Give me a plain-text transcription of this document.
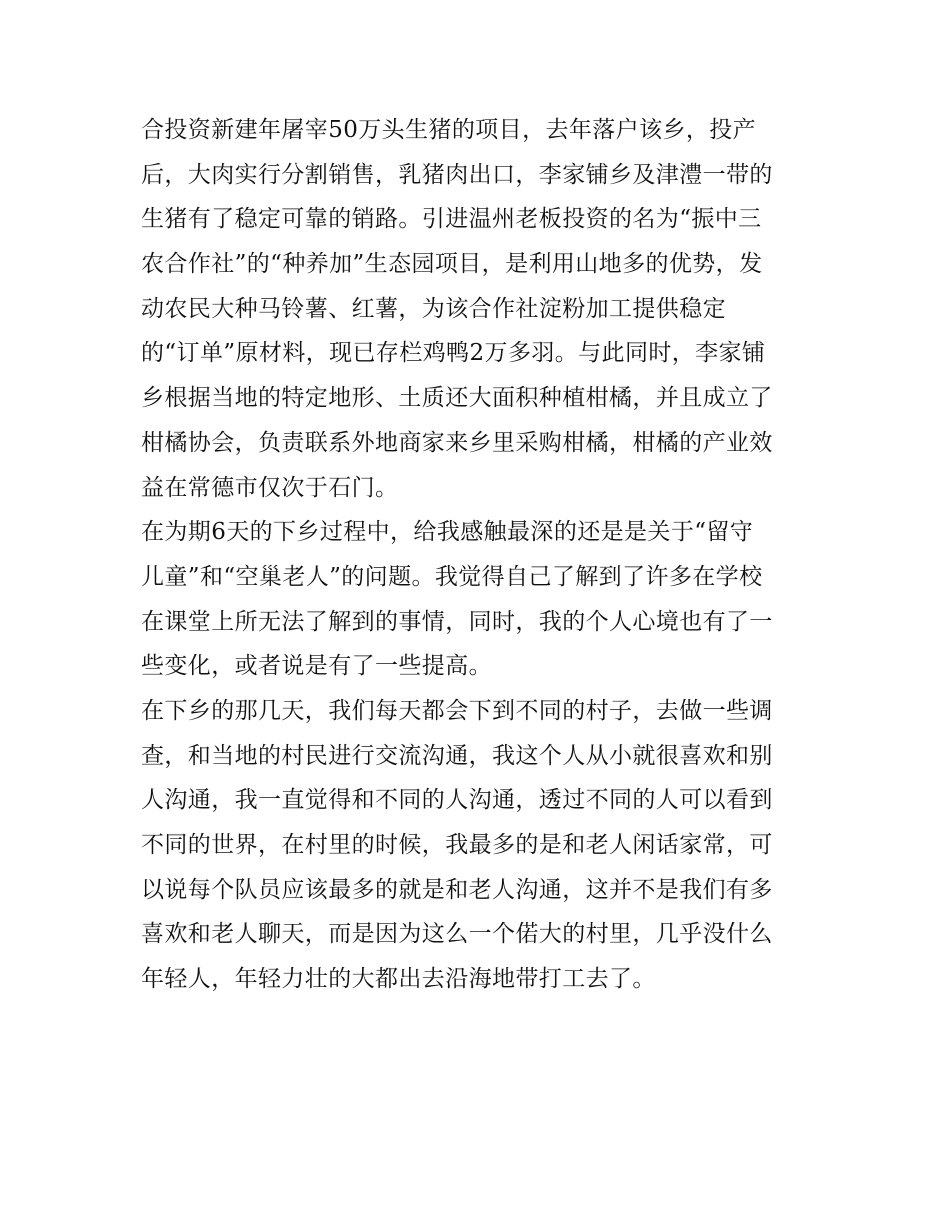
合投资新建年屠宰50万头生猪的项目，去年落户该乡，投产
后，大肉实行分割销售，乳猪肉出口，李家铺乡及津澧一带的
生猪有了稳定可靠的销路。引进温州老板投资的名为“振中三
农合作社”的“种养加”生态园项目，是利用山地多的优势，发
动农民大种马铃薯、红薯，为该合作社淀粉加工提供稳定
的“订单”原材料，现已存栏鸡鸭2万多羽。与此同时，李家铺
乡根据当地的特定地形、土质还大面积种植柑橘，并且成立了
柑橘协会，负责联系外地商家来乡里采购柑橘，柑橘的产业效
益在常德市仅次于石门。
在为期6天的下乡过程中，给我感触最深的还是是关于“留守
儿童”和“空巢老人”的问题。我觉得自己了解到了许多在学校
在课堂上所无法了解到的事情，同时，我的个人心境也有了一
些变化，或者说是有了一些提高。
在下乡的那几天，我们每天都会下到不同的村子，去做一些调
查，和当地的村民进行交流沟通，我这个人从小就很喜欢和别
人沟通，我一直觉得和不同的人沟通，透过不同的人可以看到
不同的世界，在村里的时候，我最多的是和老人闲话家常，可
以说每个队员应该最多的就是和老人沟通，这并不是我们有多
喜欢和老人聊天，而是因为这么一个偌大的村里，几乎没什么
年轻人，年轻力壮的大都出去沿海地带打工去了。
